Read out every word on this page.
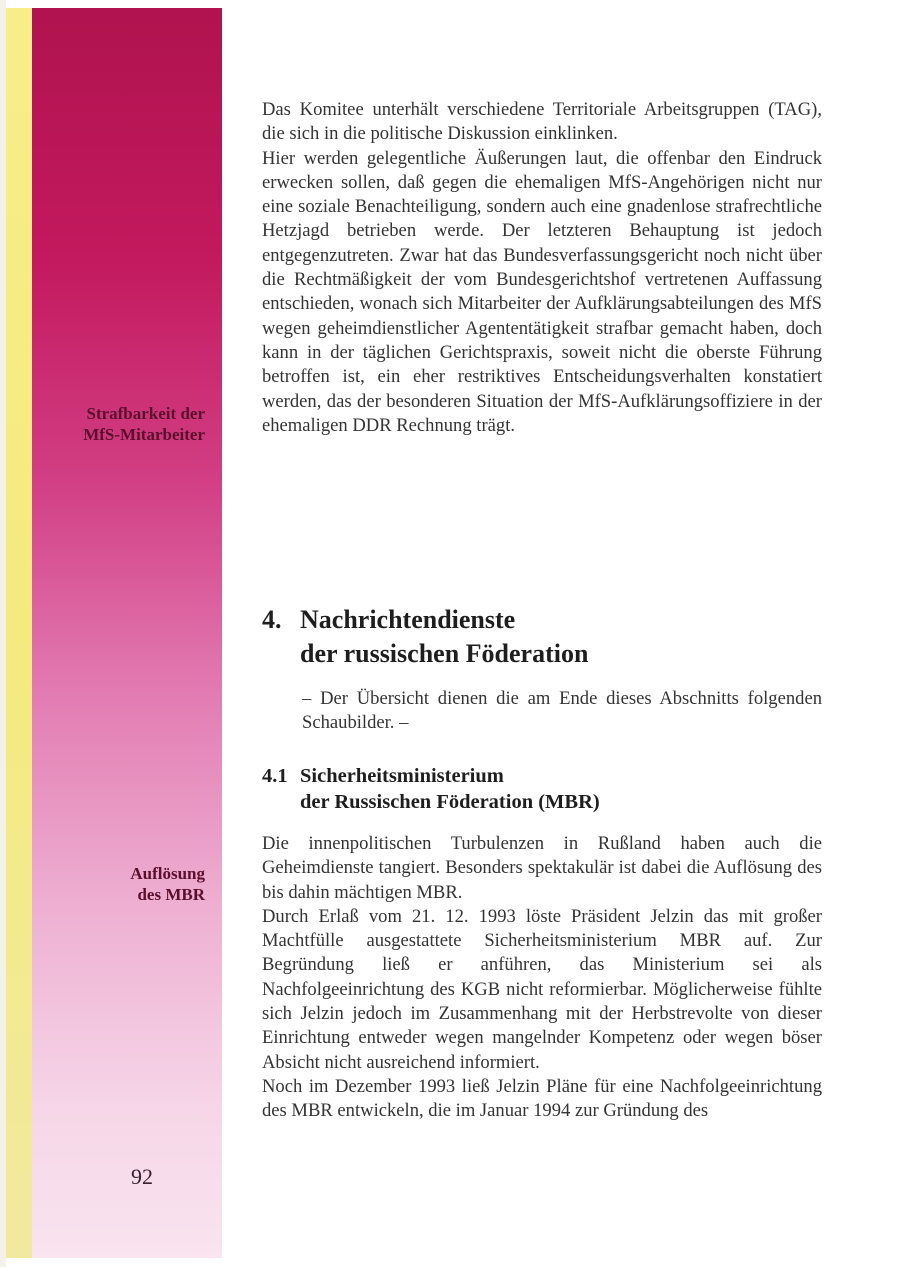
Strafbarkeit der
MfS-Mitarbeiter
Auflösung
des MBR
92

Das Komitee unterhält verschiedene Territoriale Arbeitsgruppen (TAG), die sich in die politische Diskussion einklinken.

Hier werden gelegentliche Äußerungen laut, die offenbar den Eindruck erwecken sollen, daß gegen die ehemaligen MfS-Angehörigen nicht nur eine soziale Benachteiligung, sondern auch eine gnadenlose strafrechtliche Hetzjagd betrieben werde. Der letzteren Behauptung ist jedoch entgegenzutreten. Zwar hat das Bundesverfassungsgericht noch nicht über die Rechtmäßigkeit der vom Bundesgerichtshof vertretenen Auffassung entschieden, wonach sich Mitarbeiter der Aufklärungsabteilungen des MfS wegen geheimdienstlicher Agententätigkeit strafbar gemacht haben, doch kann in der täglichen Gerichtspraxis, soweit nicht die oberste Führung betroffen ist, ein eher restriktives Entscheidungsverhalten konstatiert werden, das der besonderen Situation der MfS-Aufklärungsoffiziere in der ehemaligen DDR Rechnung trägt.

4. Nachrichtendienste
der russischen Föderation

– Der Übersicht dienen die am Ende dieses Abschnitts folgenden Schaubilder. –

4.1 Sicherheitsministerium
der Russischen Föderation (MBR)

Die innenpolitischen Turbulenzen in Rußland haben auch die Geheimdienste tangiert. Besonders spektakulär ist dabei die Auflösung des bis dahin mächtigen MBR.

Durch Erlaß vom 21. 12. 1993 löste Präsident Jelzin das mit großer Machtfülle ausgestattete Sicherheitsministerium MBR auf. Zur Begründung ließ er anführen, das Ministerium sei als Nachfolgeeinrichtung des KGB nicht reformierbar. Möglicherweise fühlte sich Jelzin jedoch im Zusammenhang mit der Herbstrevolte von dieser Einrichtung entweder wegen mangelnder Kompetenz oder wegen böser Absicht nicht ausreichend informiert.

Noch im Dezember 1993 ließ Jelzin Pläne für eine Nachfolgeeinrichtung des MBR entwickeln, die im Januar 1994 zur Gründung des
